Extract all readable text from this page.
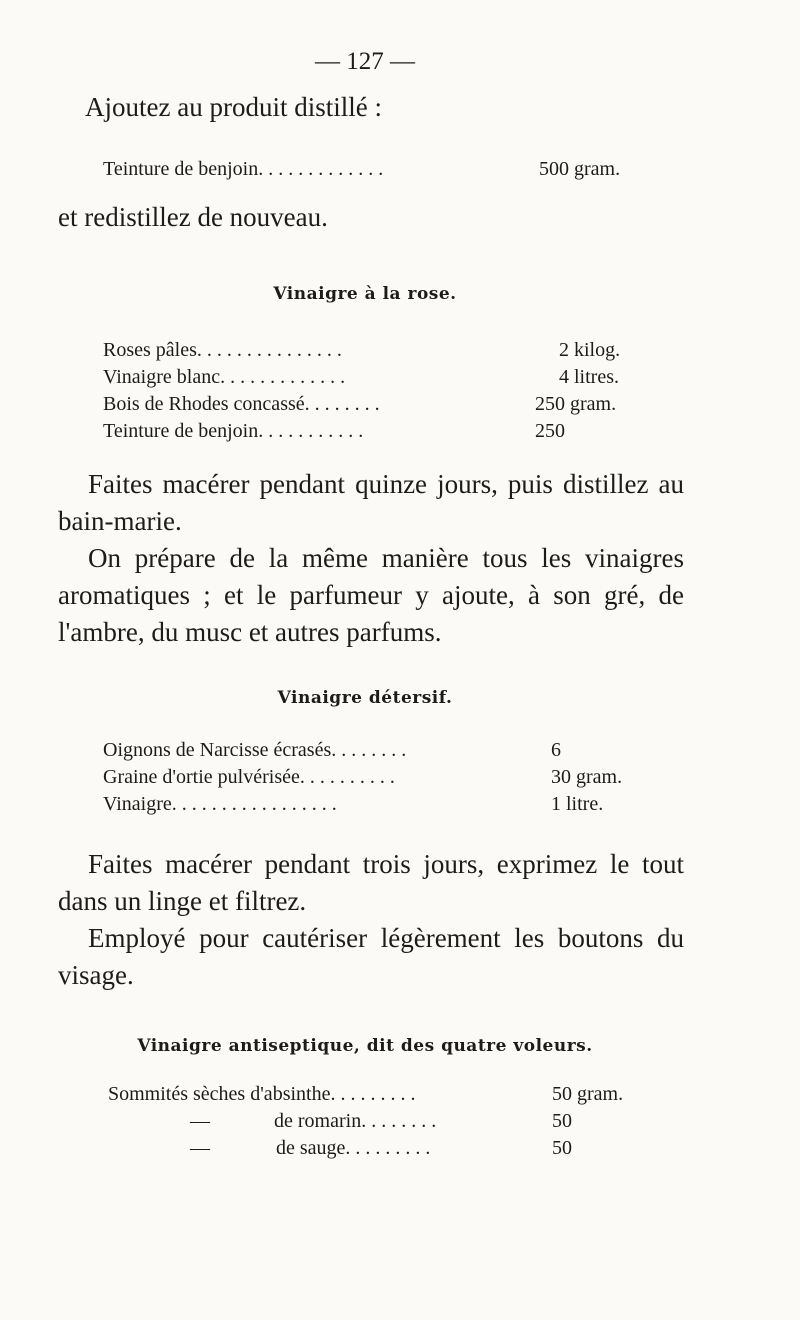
— 127 —
Ajoutez au produit distillé :
Teinture de benjoin. . . . . . . . . . . . .	500 gram.
et redistillez de nouveau.
Vinaigre à la rose.
Roses pâles. . . . . . . . . . . . . . .	2 kilog.
Vinaigre blanc. . . . . . . . . . . . .	4 litres.
Bois de Rhodes concassé. . . . . . . .	250 gram.
Teinture de benjoin. . . . . . . . . . .	250

Faites macérer pendant quinze jours, puis distillez au bain-marie.

On prépare de la même manière tous les vinaigres aromatiques ; et le parfumeur y ajoute, à son gré, de l'ambre, du musc et autres parfums.

Vinaigre détersif.
Oignons de Narcisse écrasés. . . . . . . .	6
Graine d'ortie pulvérisée. . . . . . . . . .	30 gram.
Vinaigre. . . . . . . . . . . . . . . . .	1 litre.

Faites macérer pendant trois jours, exprimez le tout dans un linge et filtrez.

Employé pour cautériser légèrement les boutons du visage.

Vinaigre antiseptique, dit des quatre voleurs.
Sommités sèches d'absinthe. . . . . . . . .	50 gram.
—	de romarin. . . . . . . .	50
—	de sauge. . . . . . . . .	50
